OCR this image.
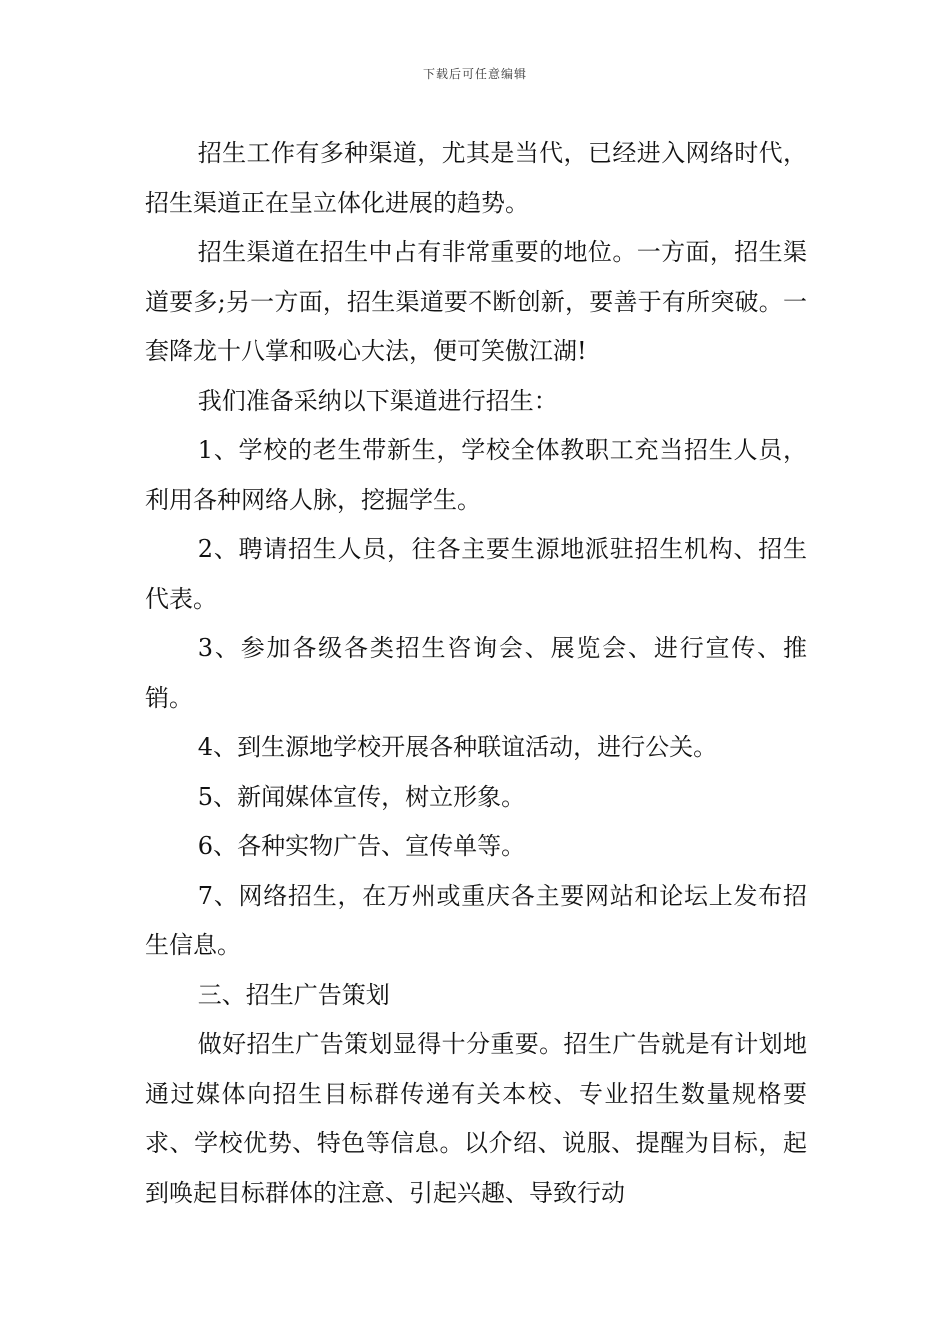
下载后可任意编辑

招生工作有多种渠道，尤其是当代，已经进入网络时代，招生渠道正在呈立体化进展的趋势。

招生渠道在招生中占有非常重要的地位。一方面，招生渠道要多;另一方面，招生渠道要不断创新，要善于有所突破。一套降龙十八掌和吸心大法，便可笑傲江湖!

我们准备采纳以下渠道进行招生：

1、学校的老生带新生，学校全体教职工充当招生人员，利用各种网络人脉，挖掘学生。

2、聘请招生人员，往各主要生源地派驻招生机构、招生代表。

3、参加各级各类招生咨询会、展览会、进行宣传、推销。

4、到生源地学校开展各种联谊活动，进行公关。

5、新闻媒体宣传，树立形象。

6、各种实物广告、宣传单等。

7、网络招生，在万州或重庆各主要网站和论坛上发布招生信息。

三、招生广告策划

做好招生广告策划显得十分重要。招生广告就是有计划地通过媒体向招生目标群传递有关本校、专业招生数量规格要求、学校优势、特色等信息。以介绍、说服、提醒为目标，起到唤起目标群体的注意、引起兴趣、导致行动
